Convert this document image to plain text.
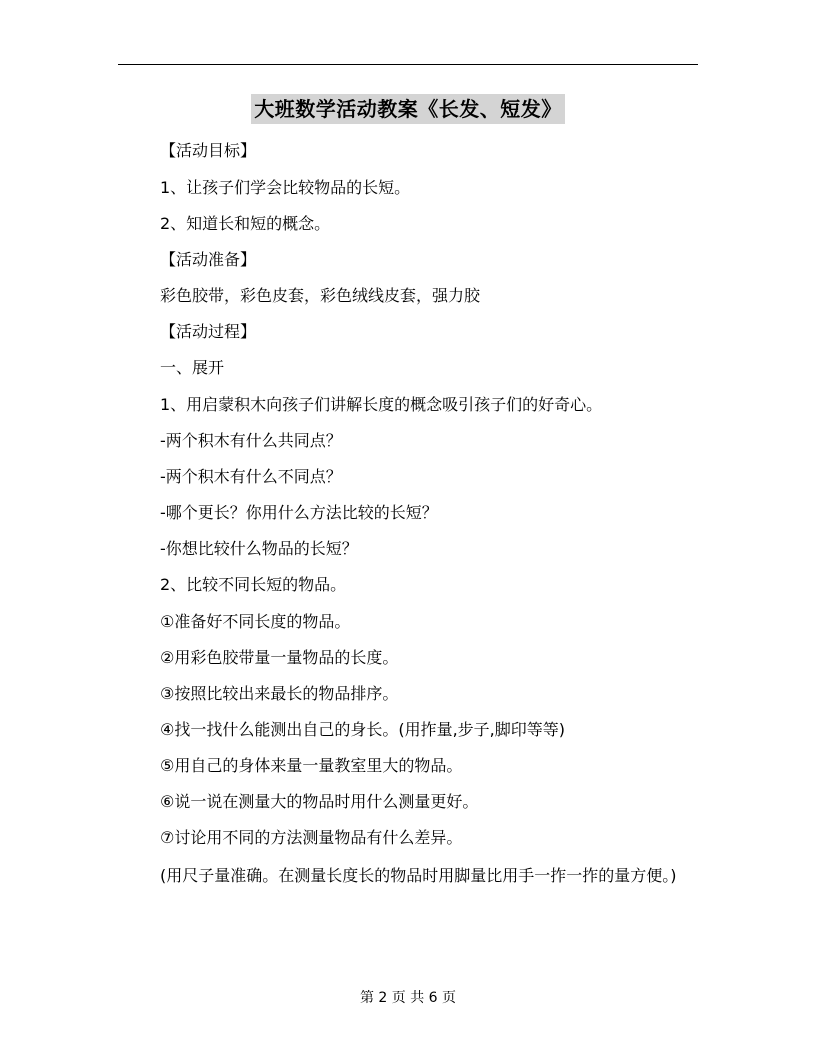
大班数学活动教案《长发、短发》
【活动目标】
1、让孩子们学会比较物品的长短。
2、知道长和短的概念。
【活动准备】
彩色胶带，彩色皮套，彩色绒线皮套，强力胶
【活动过程】
一、展开
1、用启蒙积木向孩子们讲解长度的概念吸引孩子们的好奇心。
-两个积木有什么共同点？
-两个积木有什么不同点？
-哪个更长？你用什么方法比较的长短？
-你想比较什么物品的长短？
2、比较不同长短的物品。
①准备好不同长度的物品。
②用彩色胶带量一量物品的长度。
③按照比较出来最长的物品排序。
④找一找什么能测出自己的身长。(用拃量,步子,脚印等等)
⑤用自己的身体来量一量教室里大的物品。
⑥说一说在测量大的物品时用什么测量更好。
⑦讨论用不同的方法测量物品有什么差异。
(用尺子量准确。在测量长度长的物品时用脚量比用手一拃一拃的量方便。)
第 2 页 共 6 页
